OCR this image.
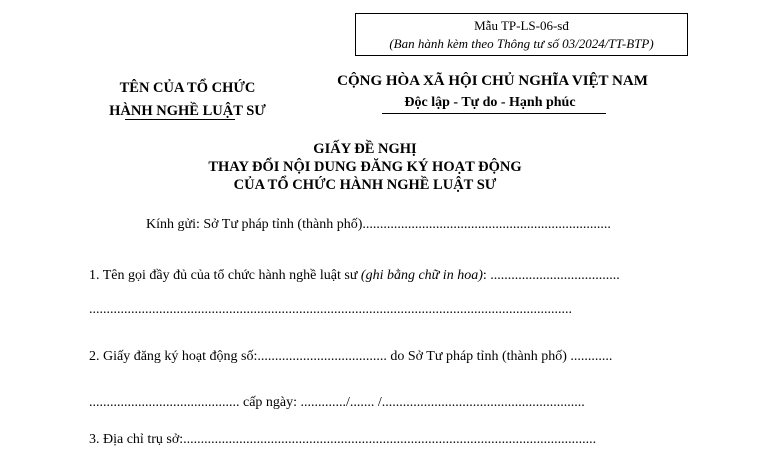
Mẫu TP-LS-06-sđ
(Ban hành kèm theo Thông tư số 03/2024/TT-BTP)
TÊN CỦA TỔ CHỨC
HÀNH NGHỀ LUẬT SƯ
CỘNG HÒA XÃ HỘI CHỦ NGHĨA VIỆT NAM
Độc lập - Tự do - Hạnh phúc
GIẤY ĐỀ NGHỊ
THAY ĐỔI NỘI DUNG ĐĂNG KÝ HOẠT ĐỘNG
CỦA TỔ CHỨC HÀNH NGHỀ LUẬT SƯ
Kính gửi: Sở Tư pháp tỉnh (thành phố).......................................................................
1. Tên gọi đầy đủ của tổ chức hành nghề luật sư (ghi bằng chữ in hoa): .....................................
..........................................................................................................................................
2. Giấy đăng ký hoạt động số:..................................... do Sở Tư pháp tỉnh (thành phố) ............
........................................... cấp ngày: ............./....... /..........................................................
3. Địa chỉ trụ sở:......................................................................................................................
